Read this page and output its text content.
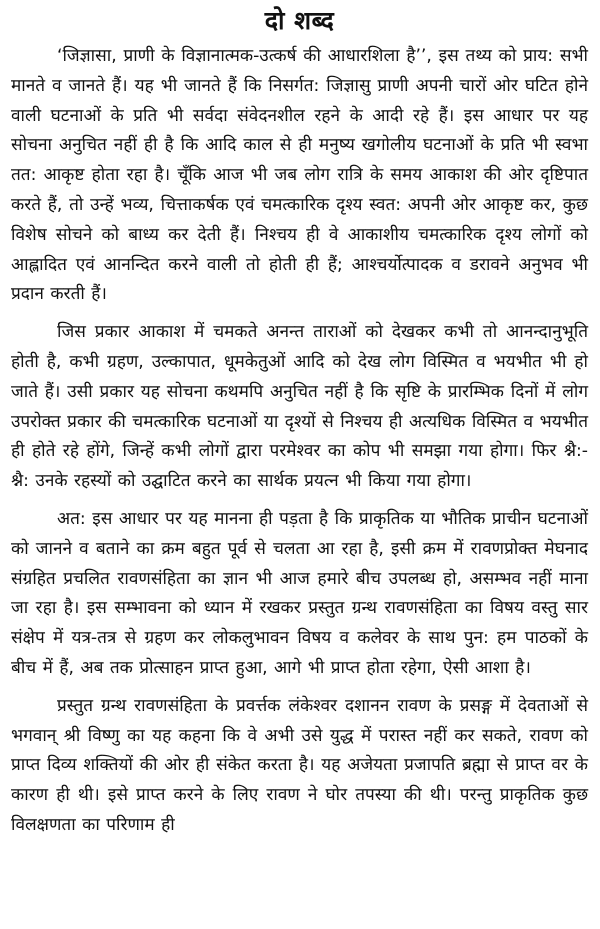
दो शब्द

‘जिज्ञासा, प्राणी के विज्ञानात्मक-उत्कर्ष की आधारशिला है’’, इस तथ्य को प्राय: सभी मानते व जानते हैं। यह भी जानते हैं कि निसर्गत: जिज्ञासु प्राणी अपनी चारों ओर घटित होने वाली घटनाओं के प्रति भी सर्वदा संवेदनशील रहने के आदी रहे हैं। इस आधार पर यह सोचना अनुचित नहीं ही है कि आदि काल से ही मनुष्य खगोलीय घटनाओं के प्रति भी स्वभा तत: आकृष्ट होता रहा है। चूँकि आज भी जब लोग रात्रि के समय आकाश की ओर दृष्टिपात करते हैं, तो उन्हें भव्य, चित्ताकर्षक एवं चमत्कारिक दृश्य स्वत: अपनी ओर आकृष्ट कर, कुछ विशेष सोचने को बाध्य कर देती हैं। निश्चय ही वे आकाशीय चमत्कारिक दृश्य लोगों को आह्लादित एवं आनन्दित करने वाली तो होती ही हैं; आश्चर्योत्पादक व डरावने अनुभव भी प्रदान करती हैं।

जिस प्रकार आकाश में चमकते अनन्त ताराओं को देखकर कभी तो आनन्दानुभूति होती है, कभी ग्रहण, उल्कापात, धूमकेतुओं आदि को देख लोग विस्मित व भयभीत भी हो जाते हैं। उसी प्रकार यह सोचना कथमपि अनुचित नहीं है कि सृष्टि के प्रारम्भिक दिनों में लोग उपरोक्त प्रकार की चमत्कारिक घटनाओं या दृश्यों से निश्चय ही अत्यधिक विस्मित व भयभीत ही होते रहे होंगे, जिन्हें कभी लोगों द्वारा परमेश्वर का कोप भी समझा गया होगा। फिर श्नै:-श्नै: उनके रहस्यों को उद्घाटित करने का सार्थक प्रयत्न भी किया गया होगा।

अत: इस आधार पर यह मानना ही पड़ता है कि प्राकृतिक या भौतिक प्राचीन घटनाओं को जानने व बताने का क्रम बहुत पूर्व से चलता आ रहा है, इसी क्रम में रावणप्रोक्त मेघनाद संग्रहित प्रचलित रावणसंहिता का ज्ञान भी आज हमारे बीच उपलब्ध हो, असम्भव नहीं माना जा रहा है। इस सम्भावना को ध्यान में रखकर प्रस्तुत ग्रन्थ रावणसंहिता का विषय वस्तु सार संक्षेप में यत्र-तत्र से ग्रहण कर लोकलुभावन विषय व कलेवर के साथ पुन: हम पाठकों के बीच में हैं, अब तक प्रोत्साहन प्राप्त हुआ, आगे भी प्राप्त होता रहेगा, ऐसी आशा है।

प्रस्तुत ग्रन्थ रावणसंहिता के प्रवर्त्तक लंकेश्वर दशानन रावण के प्रसङ्ग में देवताओं से भगवान् श्री विष्णु का यह कहना कि वे अभी उसे युद्ध में परास्त नहीं कर सकते, रावण को प्राप्त दिव्य शक्तियों की ओर ही संकेत करता है। यह अजेयता प्रजापति ब्रह्मा से प्राप्त वर के कारण ही थी। इसे प्राप्त करने के लिए रावण ने घोर तपस्या की थी। परन्तु प्राकृतिक कुछ विलक्षणता का परिणाम ही
